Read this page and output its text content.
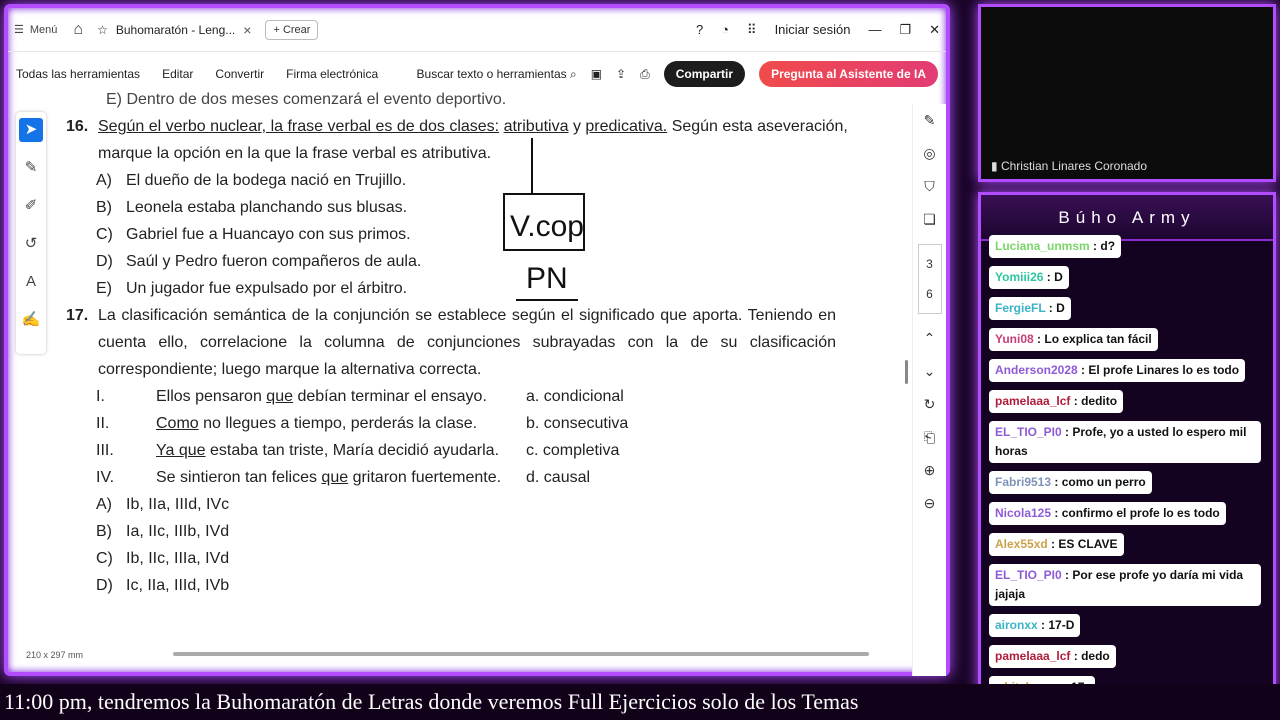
☰ Menú ⌂ ☆ Buhomaratón - Leng... ×	+ Crear	? ◔ ⠿ Iniciar sesión — ❐ ✕
Todas las herramientas Editar Convertir Firma electrónica	Buscar texto o herramientas ⌕ ▣ ⇪ ⎙	Compartir	Pregunta al Asistente de IA
➤
✎
✐
↺
A
✍
E) Dentro de dos meses comenzará el evento deportivo.
16. Según el verbo nuclear, la frase verbal es de dos clases: atributiva y predicativa. Según esta aseveración, marque la opción en la que la frase verbal es atributiva.
A) El dueño de la bodega nació en Trujillo.
B) Leonela estaba planchando sus blusas.
C) Gabriel fue a Huancayo con sus primos.
D) Saúl y Pedro fueron compañeros de aula.
E) Un jugador fue expulsado por el árbitro.
17. La clasificación semántica de la conjunción se establece según el significado que aporta. Teniendo en cuenta ello, correlacione la columna de conjunciones subrayadas con la de su clasificación correspondiente; luego marque la alternativa correcta.
I.	Ellos pensaron que debían terminar el ensayo.	a. condicional
II.	Como no llegues a tiempo, perderás la clase.	b. consecutiva
III.	Ya que estaba tan triste, María decidió ayudarla.	c. completiva
IV.	Se sintieron tan felices que gritaron fuertemente.	d. causal
A) Ib, IIa, IIId, IVc
B) Ia, IIc, IIIb, IVd
C) Ib, IIc, IIIa, IVd
D) Ic, IIa, IIId, IVb
V.cop
PN
✎
◎
⛉
❏
3
6
⌃
⌄
↻
⎗
⊕
⊖
210 x 297 mm
▮ Christian Linares Coronado
Búho Army
Luciana_unmsm : d?
Yomiii26 : D
FergieFL : D
Yuni08 : Lo explica tan fácil
Anderson2028 : El profe Linares lo es todo
pamelaaa_lcf : dedito
EL_TIO_PI0 : Profe, yo a usted lo espero mil horas
Fabri9513 : como un perro
Nicola125 : confirmo el profe lo es todo
Alex55xd : ES CLAVE
EL_TIO_PI0 : Por ese profe yo daría mi vida jajaja
aironxx : 17-D
pamelaaa_lcf : dedo
11:00 pm, tendremos la Buhomaratón de Letras donde veremos Full Ejercicios solo de los Temas
